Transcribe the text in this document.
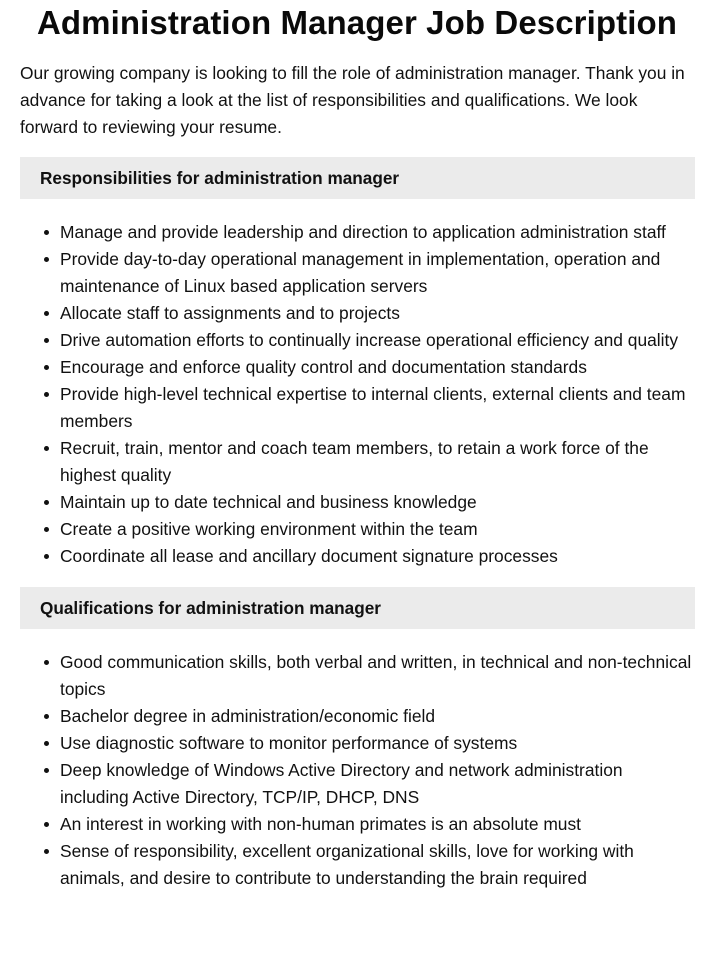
Administration Manager Job Description

Our growing company is looking to fill the role of administration manager. Thank you in advance for taking a look at the list of responsibilities and qualifications. We look forward to reviewing your resume.

Responsibilities for administration manager
Manage and provide leadership and direction to application administration staff
Provide day-to-day operational management in implementation, operation and maintenance of Linux based application servers
Allocate staff to assignments and to projects
Drive automation efforts to continually increase operational efficiency and quality
Encourage and enforce quality control and documentation standards
Provide high-level technical expertise to internal clients, external clients and team members
Recruit, train, mentor and coach team members, to retain a work force of the highest quality
Maintain up to date technical and business knowledge
Create a positive working environment within the team
Coordinate all lease and ancillary document signature processes
Qualifications for administration manager
Good communication skills, both verbal and written, in technical and non-technical topics
Bachelor degree in administration/economic field
Use diagnostic software to monitor performance of systems
Deep knowledge of Windows Active Directory and network administration including Active Directory, TCP/IP, DHCP, DNS
An interest in working with non-human primates is an absolute must
Sense of responsibility, excellent organizational skills, love for working with animals, and desire to contribute to understanding the brain required
